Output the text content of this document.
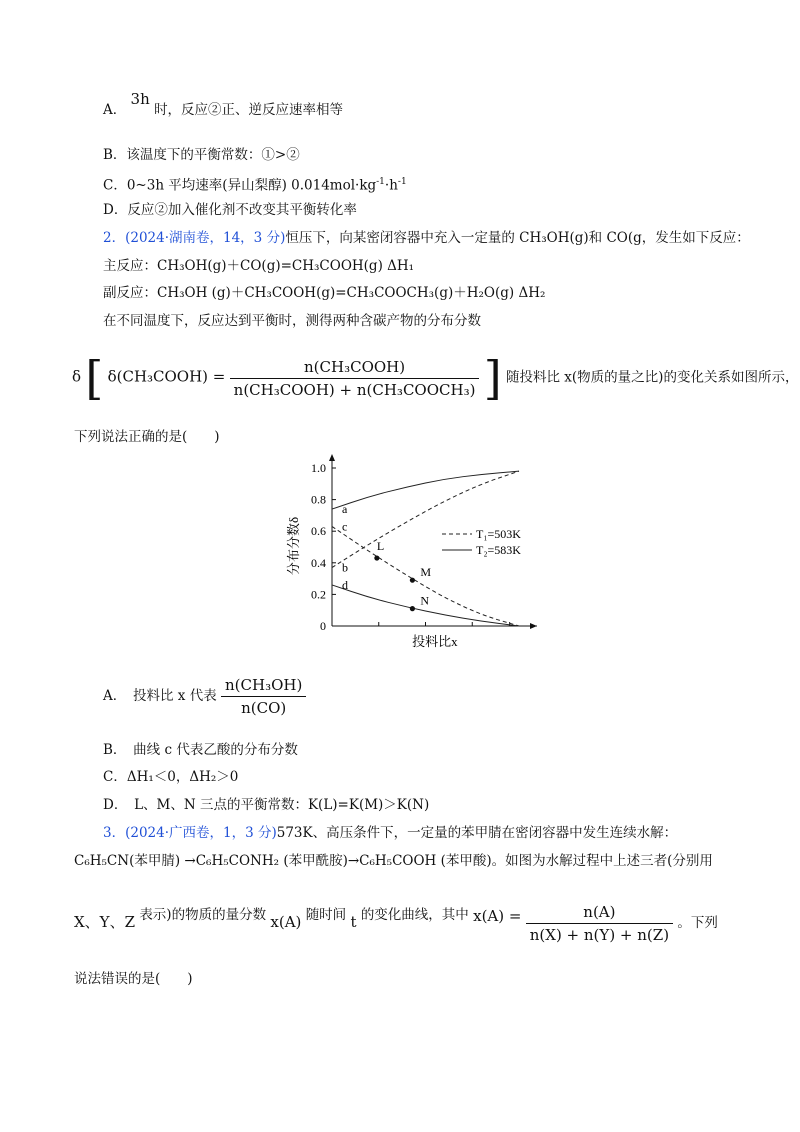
A． 3h 时，反应②正、逆反应速率相等
B．该温度下的平衡常数：①>②
C．0~3h 平均速率(异山梨醇) $0.014mol\cdot kg^{-1}\cdot h^{-1}$
D．反应②加入催化剂不改变其平衡转化率
2．(2024·湖南卷，14，3 分)恒压下，向某密闭容器中充入一定量的 CH₃OH(g)和 CO(g，发生如下反应：
主反应：CH₃OH(g)＋CO(g)=CH₃COOH(g) ΔH₁
副反应：CH₃OH (g)＋CH₃COOH(g)=CH₃COOCH₃(g)＋H₂O(g) ΔH₂
在不同温度下，反应达到平衡时，测得两种含碳产物的分布分数
δ [ δ(CH₃COOH) = $\frac{\text{n(CH₃COOH)}}{\text{n(CH₃COOH) + n(CH₃COOCH₃)}}$ ] 随投料比 x(物质的量之比)的变化关系如图所示，
下列说法正确的是(　　)
1.0
0.8
0.6
0.4
0.2
0
分布分数δ
投料比x
a
b
c
d
L
M
N
T₁=503K
T₂=583K
A．　投料比 x 代表 $\frac{\text{n(CH₃OH)}}{n(CO)}$
B．　曲线 c 代表乙酸的分布分数
C．ΔH₁＜0，ΔH₂＞0
D．　L、M、N 三点的平衡常数：K(L)=K(M)＞K(N)
3．(2024·广西卷，1，3 分)573K、高压条件下，一定量的苯甲腈在密闭容器中发生连续水解：
C₆H₅CN(苯甲腈) →C₆H₅CONH₂ (苯甲酰胺)→C₆H₅COOH (苯甲酸)。如图为水解过程中上述三者(分别用
X、Y、Z 表示)的物质的量分数 x(A) 随时间 t 的变化曲线，其中 $x(A) = \frac{n(A)}{n(X) + n(Y) + n(Z)}$ 。下列
说法错误的是(　　)
